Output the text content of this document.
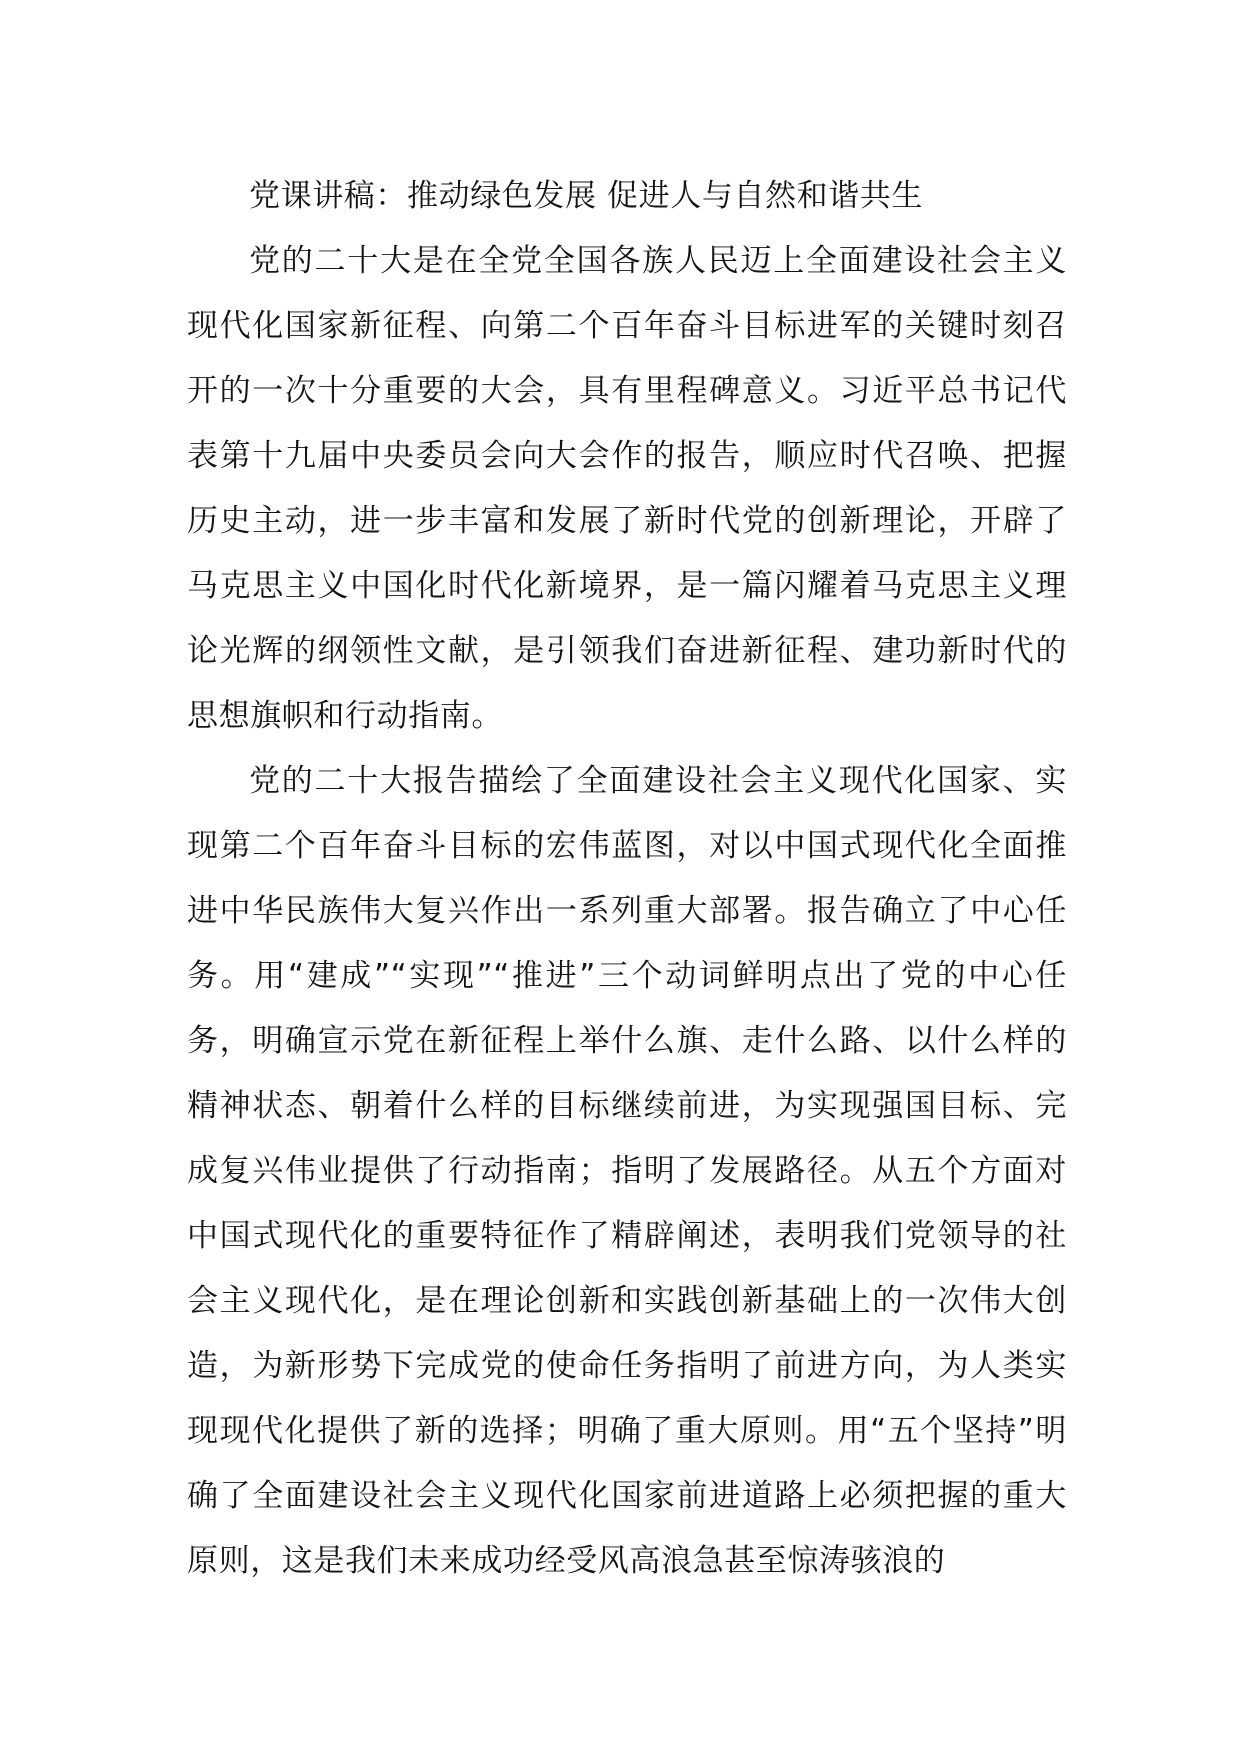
党课讲稿：推动绿色发展 促进人与自然和谐共生

党的二十大是在全党全国各族人民迈上全面建设社会主义现代化国家新征程、向第二个百年奋斗目标进军的关键时刻召开的一次十分重要的大会，具有里程碑意义。习近平总书记代表第十九届中央委员会向大会作的报告，顺应时代召唤、把握历史主动，进一步丰富和发展了新时代党的创新理论，开辟了马克思主义中国化时代化新境界，是一篇闪耀着马克思主义理论光辉的纲领性文献，是引领我们奋进新征程、建功新时代的思想旗帜和行动指南。

党的二十大报告描绘了全面建设社会主义现代化国家、实现第二个百年奋斗目标的宏伟蓝图，对以中国式现代化全面推进中华民族伟大复兴作出一系列重大部署。报告确立了中心任务。用“建成”“实现”“推进”三个动词鲜明点出了党的中心任务，明确宣示党在新征程上举什么旗、走什么路、以什么样的精神状态、朝着什么样的目标继续前进，为实现强国目标、完成复兴伟业提供了行动指南；指明了发展路径。从五个方面对中国式现代化的重要特征作了精辟阐述，表明我们党领导的社会主义现代化，是在理论创新和实践创新基础上的一次伟大创造，为新形势下完成党的使命任务指明了前进方向，为人类实现现代化提供了新的选择；明确了重大原则。用“五个坚持”明确了全面建设社会主义现代化国家前进道路上必须把握的重大原则，这是我们未来成功经受风高浪急甚至惊涛骇浪的
